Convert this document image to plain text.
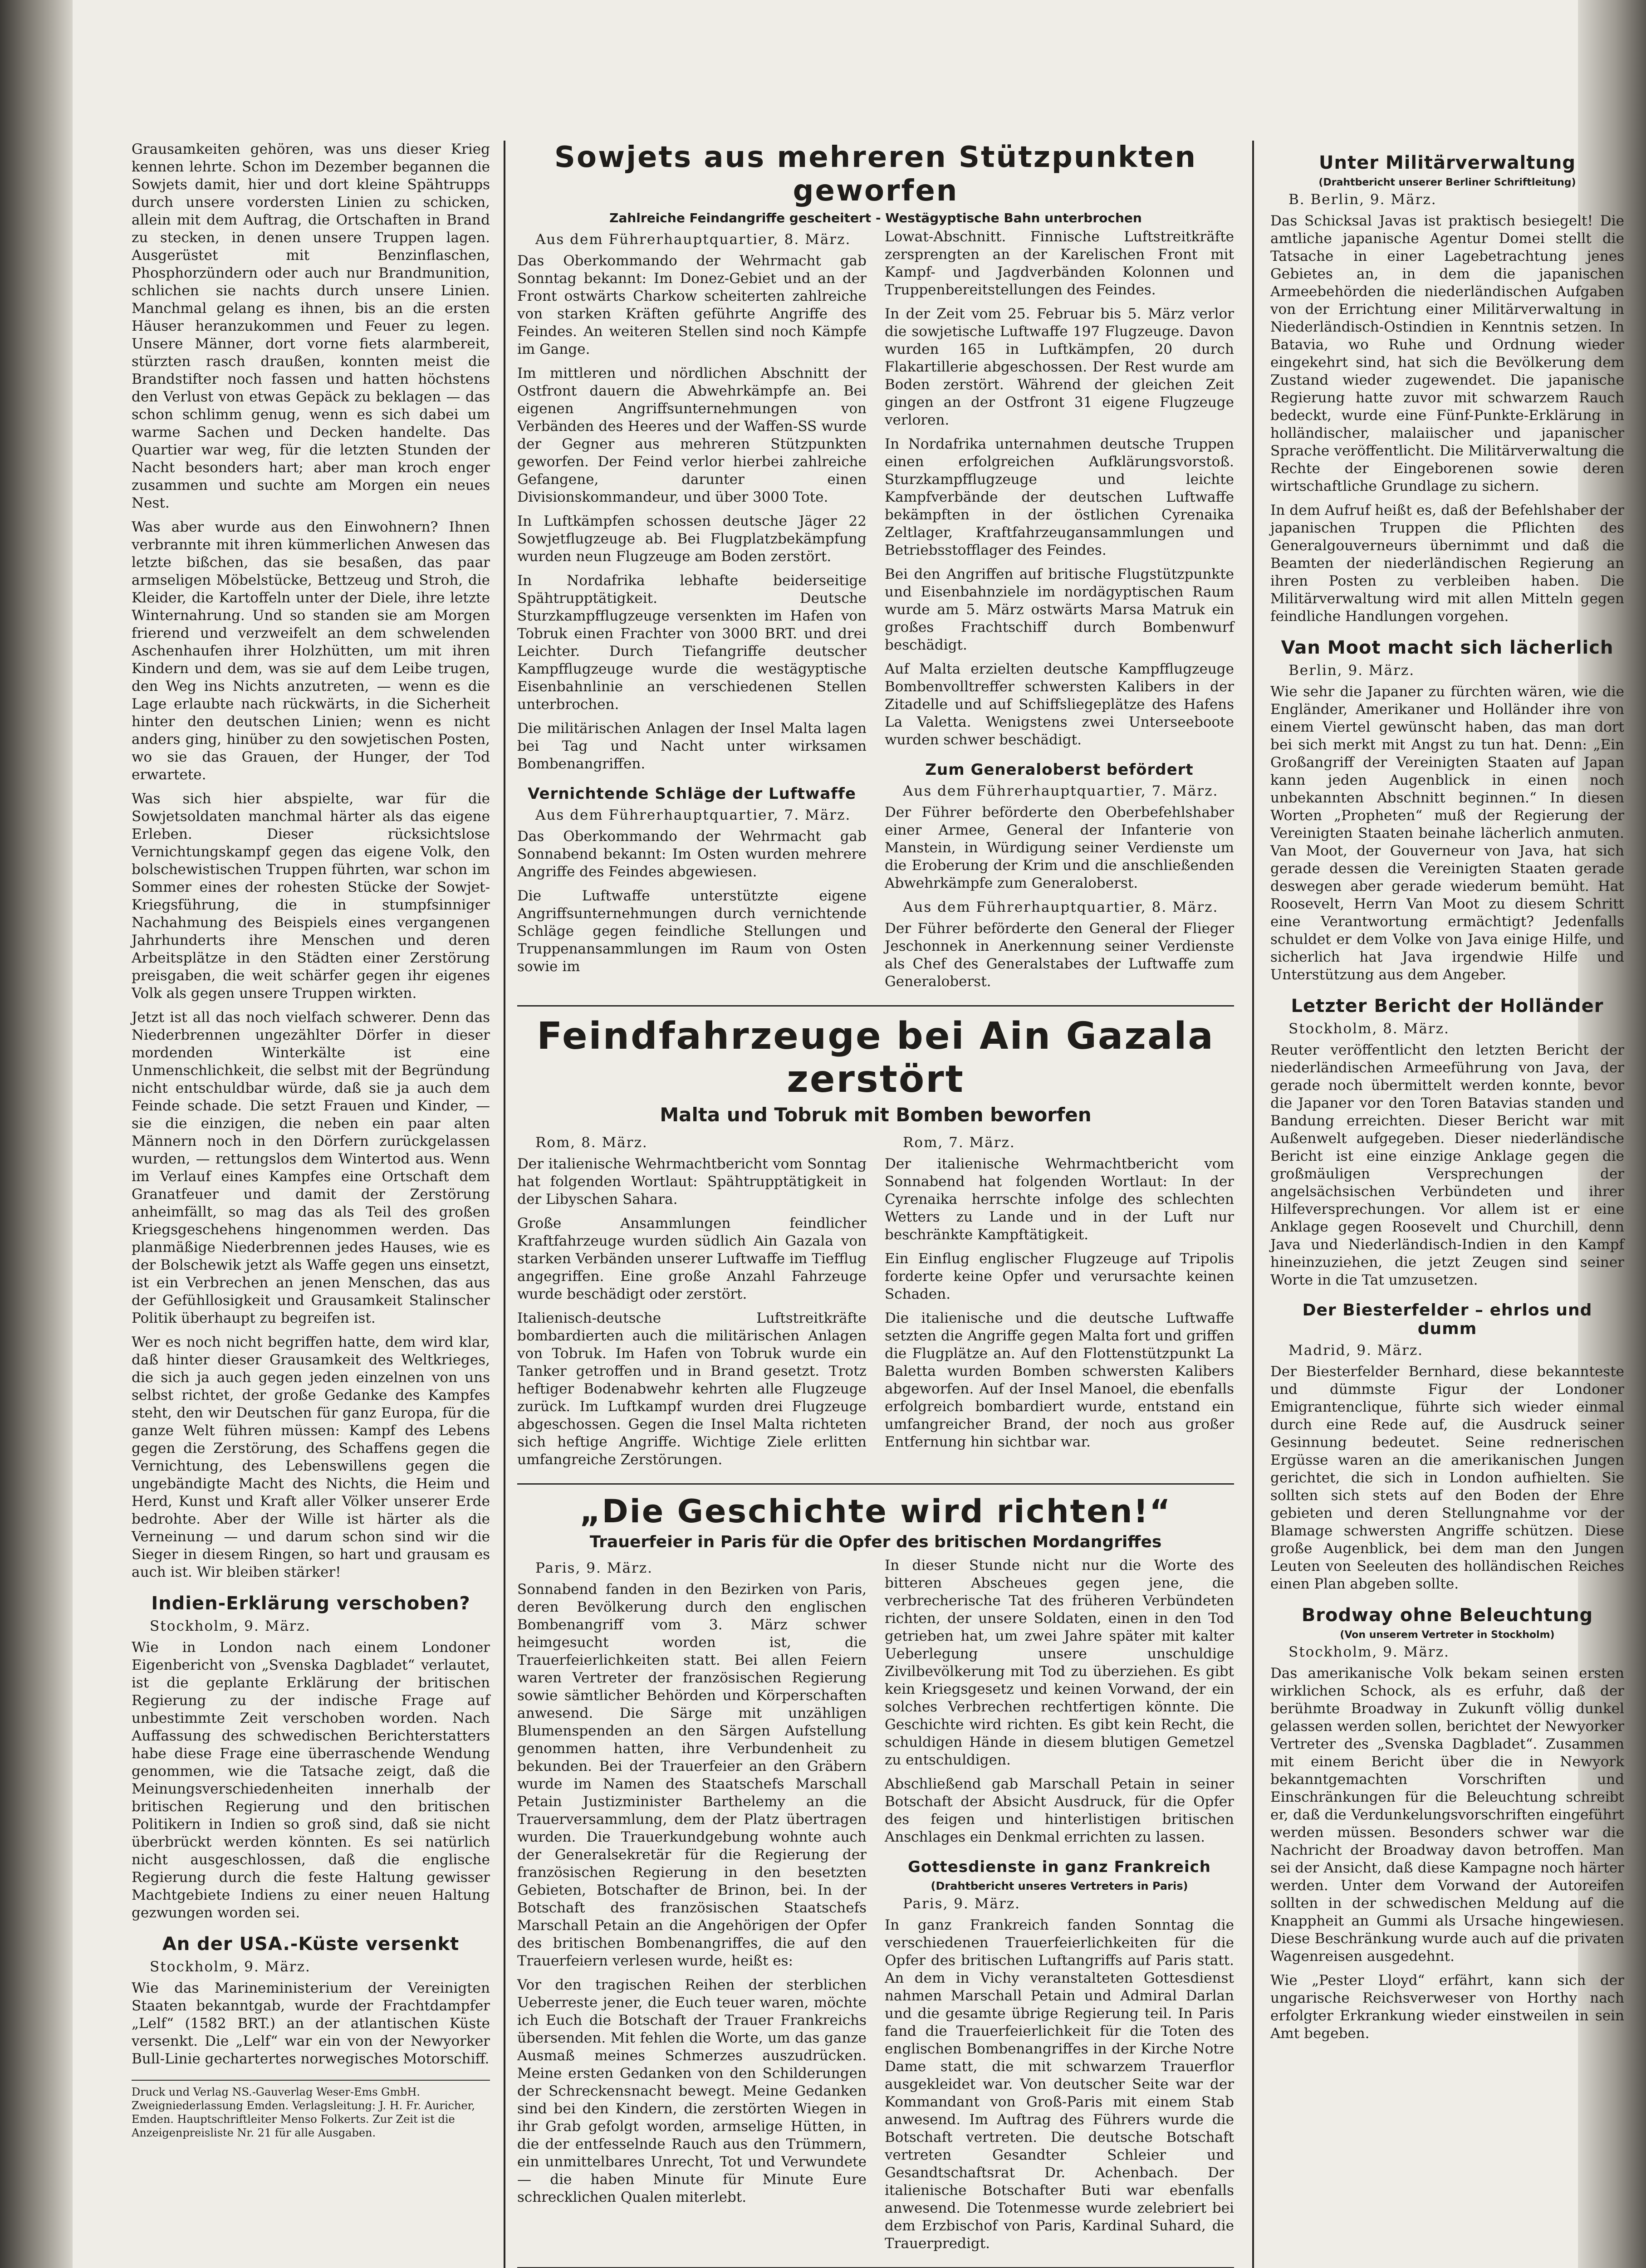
Grausamkeiten gehören, was uns dieser Krieg kennen lehrte. Schon im Dezember begannen die Sowjets damit, hier und dort kleine Spähtrupps durch unsere vordersten Linien zu schicken, allein mit dem Auftrag, die Ortschaften in Brand zu stecken, in denen unsere Truppen lagen. Ausgerüstet mit Benzinflaschen, Phosphorzündern oder auch nur Brandmunition, schlichen sie nachts durch unsere Linien. Manchmal gelang es ihnen, bis an die ersten Häuser heranzukommen und Feuer zu legen. Unsere Männer, dort vorne fiets alarmbereit, stürzten rasch draußen, konnten meist die Brandstifter noch fassen und hatten höchstens den Verlust von etwas Gepäck zu beklagen — das schon schlimm genug, wenn es sich dabei um warme Sachen und Decken handelte. Das Quartier war weg, für die letzten Stunden der Nacht besonders hart; aber man kroch enger zusammen und suchte am Morgen ein neues Nest.

Was aber wurde aus den Einwohnern? Ihnen verbrannte mit ihren kümmerlichen Anwesen das letzte bißchen, das sie besaßen, das paar armseligen Möbelstücke, Bettzeug und Stroh, die Kleider, die Kartoffeln unter der Diele, ihre letzte Winternahrung. Und so standen sie am Morgen frierend und verzweifelt an dem schwelenden Aschenhaufen ihrer Holzhütten, um mit ihren Kindern und dem, was sie auf dem Leibe trugen, den Weg ins Nichts anzutreten, — wenn es die Lage erlaubte nach rückwärts, in die Sicherheit hinter den deutschen Linien; wenn es nicht anders ging, hinüber zu den sowjetischen Posten, wo sie das Grauen, der Hunger, der Tod erwartete.

Was sich hier abspielte, war für die Sowjetsoldaten manchmal härter als das eigene Erleben. Dieser rücksichtslose Vernichtungskampf gegen das eigene Volk, den bolschewistischen Truppen führten, war schon im Sommer eines der rohesten Stücke der Sowjet-Kriegsführung, die in stumpfsinniger Nachahmung des Beispiels eines vergangenen Jahrhunderts ihre Menschen und deren Arbeitsplätze in den Städten einer Zerstörung preisgaben, die weit schärfer gegen ihr eigenes Volk als gegen unsere Truppen wirkten.

Jetzt ist all das noch vielfach schwerer. Denn das Niederbrennen ungezählter Dörfer in dieser mordenden Winterkälte ist eine Unmenschlichkeit, die selbst mit der Begründung nicht entschuldbar würde, daß sie ja auch dem Feinde schade. Die setzt Frauen und Kinder, — sie die einzigen, die neben ein paar alten Männern noch in den Dörfern zurückgelassen wurden, — rettungslos dem Wintertod aus. Wenn im Verlauf eines Kampfes eine Ortschaft dem Granatfeuer und damit der Zerstörung anheimfällt, so mag das als Teil des großen Kriegsgeschehens hingenommen werden. Das planmäßige Niederbrennen jedes Hauses, wie es der Bolschewik jetzt als Waffe gegen uns einsetzt, ist ein Verbrechen an jenen Menschen, das aus der Gefühllosigkeit und Grausamkeit Stalinscher Politik überhaupt zu begreifen ist.

Wer es noch nicht begriffen hatte, dem wird klar, daß hinter dieser Grausamkeit des Weltkrieges, die sich ja auch gegen jeden einzelnen von uns selbst richtet, der große Gedanke des Kampfes steht, den wir Deutschen für ganz Europa, für die ganze Welt führen müssen: Kampf des Lebens gegen die Zerstörung, des Schaffens gegen die Vernichtung, des Lebenswillens gegen die ungebändigte Macht des Nichts, die Heim und Herd, Kunst und Kraft aller Völker unserer Erde bedrohte. Aber der Wille ist härter als die Verneinung — und darum schon sind wir die Sieger in diesem Ringen, so hart und grausam es auch ist. Wir bleiben stärker!

Indien-Erklärung verschoben?
Stockholm, 9. März.

Wie in London nach einem Londoner Eigenbericht von „Svenska Dagbladet“ verlautet, ist die geplante Erklärung der britischen Regierung zu der indische Frage auf unbestimmte Zeit verschoben worden. Nach Auffassung des schwedischen Berichterstatters habe diese Frage eine überraschende Wendung genommen, wie die Tatsache zeigt, daß die Meinungsverschiedenheiten innerhalb der britischen Regierung und den britischen Politikern in Indien so groß sind, daß sie nicht überbrückt werden könnten. Es sei natürlich nicht ausgeschlossen, daß die englische Regierung durch die feste Haltung gewisser Machtgebiete Indiens zu einer neuen Haltung gezwungen worden sei.

An der USA.-Küste versenkt
Stockholm, 9. März.

Wie das Marineministerium der Vereinigten Staaten bekanntgab, wurde der Frachtdampfer „Lelf“ (1582 BRT.) an der atlantischen Küste versenkt. Die „Lelf“ war ein von der Newyorker Bull-Linie gechartertes norwegisches Motorschiff.

Druck und Verlag NS.-Gauverlag Weser-Ems GmbH. Zweigniederlassung Emden. Verlagsleitung: J. H. Fr. Auricher, Emden. Hauptschriftleiter Menso Folkerts. Zur Zeit ist die Anzeigenpreisliste Nr. 21 für alle Ausgaben.
Sowjets aus mehreren Stützpunkten geworfen
Zahlreiche Feindangriffe gescheitert - Westägyptische Bahn unterbrochen
Aus dem Führerhauptquartier, 8. März.

Das Oberkommando der Wehrmacht gab Sonntag bekannt: Im Donez-Gebiet und an der Front ostwärts Charkow scheiterten zahlreiche von starken Kräften geführte Angriffe des Feindes. An weiteren Stellen sind noch Kämpfe im Gange.

Im mittleren und nördlichen Abschnitt der Ostfront dauern die Abwehrkämpfe an. Bei eigenen Angriffsunternehmungen von Verbänden des Heeres und der Waffen-SS wurde der Gegner aus mehreren Stützpunkten geworfen. Der Feind verlor hierbei zahlreiche Gefangene, darunter einen Divisionskommandeur, und über 3000 Tote.

In Luftkämpfen schossen deutsche Jäger 22 Sowjetflugzeuge ab. Bei Flugplatzbekämpfung wurden neun Flugzeuge am Boden zerstört.

In Nordafrika lebhafte beiderseitige Spähtrupptätigkeit. Deutsche Sturzkampfflugzeuge versenkten im Hafen von Tobruk einen Frachter von 3000 BRT. und drei Leichter. Durch Tiefangriffe deutscher Kampfflugzeuge wurde die westägyptische Eisenbahnlinie an verschiedenen Stellen unterbrochen.

Die militärischen Anlagen der Insel Malta lagen bei Tag und Nacht unter wirksamen Bombenangriffen.

Vernichtende Schläge der Luftwaffe
Aus dem Führerhauptquartier, 7. März.

Das Oberkommando der Wehrmacht gab Sonnabend bekannt: Im Osten wurden mehrere Angriffe des Feindes abgewiesen.

Die Luftwaffe unterstützte eigene Angriffsunternehmungen durch vernichtende Schläge gegen feindliche Stellungen und Truppenansammlungen im Raum von Osten sowie im

Lowat-Abschnitt. Finnische Luftstreitkräfte zersprengten an der Karelischen Front mit Kampf- und Jagdverbänden Kolonnen und Truppenbereitstellungen des Feindes.

In der Zeit vom 25. Februar bis 5. März verlor die sowjetische Luftwaffe 197 Flugzeuge. Davon wurden 165 in Luftkämpfen, 20 durch Flakartillerie abgeschossen. Der Rest wurde am Boden zerstört. Während der gleichen Zeit gingen an der Ostfront 31 eigene Flugzeuge verloren.

In Nordafrika unternahmen deutsche Truppen einen erfolgreichen Aufklärungsvorstoß. Sturzkampfflugzeuge und leichte Kampfverbände der deutschen Luftwaffe bekämpften in der östlichen Cyrenaika Zeltlager, Kraftfahrzeugansammlungen und Betriebsstofflager des Feindes.

Bei den Angriffen auf britische Flugstützpunkte und Eisenbahnziele im nordägyptischen Raum wurde am 5. März ostwärts Marsa Matruk ein großes Frachtschiff durch Bombenwurf beschädigt.

Auf Malta erzielten deutsche Kampfflugzeuge Bombenvolltreffer schwersten Kalibers in der Zitadelle und auf Schiffsliegeplätze des Hafens La Valetta. Wenigstens zwei Unterseeboote wurden schwer beschädigt.

Zum Generaloberst befördert
Aus dem Führerhauptquartier, 7. März.

Der Führer beförderte den Oberbefehlshaber einer Armee, General der Infanterie von Manstein, in Würdigung seiner Verdienste um die Eroberung der Krim und die anschließenden Abwehrkämpfe zum Generaloberst.

Aus dem Führerhauptquartier, 8. März.

Der Führer beförderte den General der Flieger Jeschonnek in Anerkennung seiner Verdienste als Chef des Generalstabes der Luftwaffe zum Generaloberst.

Feindfahrzeuge bei Ain Gazala zerstört
Malta und Tobruk mit Bomben beworfen
Rom, 8. März.

Der italienische Wehrmachtbericht vom Sonntag hat folgenden Wortlaut: Spähtrupptätigkeit in der Libyschen Sahara.

Große Ansammlungen feindlicher Kraftfahrzeuge wurden südlich Ain Gazala von starken Verbänden unserer Luftwaffe im Tiefflug angegriffen. Eine große Anzahl Fahrzeuge wurde beschädigt oder zerstört.

Italienisch-deutsche Luftstreitkräfte bombardierten auch die militärischen Anlagen von Tobruk. Im Hafen von Tobruk wurde ein Tanker getroffen und in Brand gesetzt. Trotz heftiger Bodenabwehr kehrten alle Flugzeuge zurück. Im Luftkampf wurden drei Flugzeuge abgeschossen. Gegen die Insel Malta richteten sich heftige Angriffe. Wichtige Ziele erlitten umfangreiche Zerstörungen.

Rom, 7. März.

Der italienische Wehrmachtbericht vom Sonnabend hat folgenden Wortlaut: In der Cyrenaika herrschte infolge des schlechten Wetters zu Lande und in der Luft nur beschränkte Kampftätigkeit.

Ein Einflug englischer Flugzeuge auf Tripolis forderte keine Opfer und verursachte keinen Schaden.

Die italienische und die deutsche Luftwaffe setzten die Angriffe gegen Malta fort und griffen die Flugplätze an. Auf den Flottenstützpunkt La Baletta wurden Bomben schwersten Kalibers abgeworfen. Auf der Insel Manoel, die ebenfalls erfolgreich bombardiert wurde, entstand ein umfangreicher Brand, der noch aus großer Entfernung hin sichtbar war.

„Die Geschichte wird richten!“
Trauerfeier in Paris für die Opfer des britischen Mordangriffes
Paris, 9. März.

Sonnabend fanden in den Bezirken von Paris, deren Bevölkerung durch den englischen Bombenangriff vom 3. März schwer heimgesucht worden ist, die Trauerfeierlichkeiten statt. Bei allen Feiern waren Vertreter der französischen Regierung sowie sämtlicher Behörden und Körperschaften anwesend. Die Särge mit unzähligen Blumenspenden an den Särgen Aufstellung genommen hatten, ihre Verbundenheit zu bekunden. Bei der Trauerfeier an den Gräbern wurde im Namen des Staatschefs Marschall Petain Justizminister Barthelemy an die Trauerversammlung, dem der Platz übertragen wurden. Die Trauerkundgebung wohnte auch der Generalsekretär für die Regierung der französischen Regierung in den besetzten Gebieten, Botschafter de Brinon, bei. In der Botschaft des französischen Staatschefs Marschall Petain an die Angehörigen der Opfer des britischen Bombenangriffes, die auf den Trauerfeiern verlesen wurde, heißt es:

Vor den tragischen Reihen der sterblichen Ueberreste jener, die Euch teuer waren, möchte ich Euch die Botschaft der Trauer Frankreichs übersenden. Mit fehlen die Worte, um das ganze Ausmaß meines Schmerzes auszudrücken. Meine ersten Gedanken von den Schilderungen der Schreckensnacht bewegt. Meine Gedanken sind bei den Kindern, die zerstörten Wiegen in ihr Grab gefolgt worden, armselige Hütten, in die der entfesselnde Rauch aus den Trümmern, ein unmittelbares Unrecht, Tot und Verwundete — die haben Minute für Minute Eure schrecklichen Qualen miterlebt.

In dieser Stunde nicht nur die Worte des bitteren Abscheues gegen jene, die verbrecherische Tat des früheren Verbündeten richten, der unsere Soldaten, einen in den Tod getrieben hat, um zwei Jahre später mit kalter Ueberlegung unsere unschuldige Zivilbevölkerung mit Tod zu überziehen. Es gibt kein Kriegsgesetz und keinen Vorwand, der ein solches Verbrechen rechtfertigen könnte. Die Geschichte wird richten. Es gibt kein Recht, die schuldigen Hände in diesem blutigen Gemetzel zu entschuldigen.

Abschließend gab Marschall Petain in seiner Botschaft der Absicht Ausdruck, für die Opfer des feigen und hinterlistigen britischen Anschlages ein Denkmal errichten zu lassen.

Gottesdienste in ganz Frankreich
(Drahtbericht unseres Vertreters in Paris)
Paris, 9. März.

In ganz Frankreich fanden Sonntag die verschiedenen Trauerfeierlichkeiten für die Opfer des britischen Luftangriffs auf Paris statt. An dem in Vichy veranstalteten Gottesdienst nahmen Marschall Petain und Admiral Darlan und die gesamte übrige Regierung teil. In Paris fand die Trauerfeierlichkeit für die Toten des englischen Bombenangriffes in der Kirche Notre Dame statt, die mit schwarzem Trauerflor ausgekleidet war. Von deutscher Seite war der Kommandant von Groß-Paris mit einem Stab anwesend. Im Auftrag des Führers wurde die Botschaft vertreten. Die deutsche Botschaft vertreten Gesandter Schleier und Gesandtschaftsrat Dr. Achenbach. Der italienische Botschafter Buti war ebenfalls anwesend. Die Totenmesse wurde zelebriert bei dem Erzbischof von Paris, Kardinal Suhard, die Trauerpredigt.

Unter Militärverwaltung
(Drahtbericht unserer Berliner Schriftleitung)
B. Berlin, 9. März.

Das Schicksal Javas ist praktisch besiegelt! Die amtliche japanische Agentur Domei stellt die Tatsache in einer Lagebetrachtung jenes Gebietes an, in dem die japanischen Armeebehörden die niederländischen Aufgaben von der Errichtung einer Militärverwaltung in Niederländisch-Ostindien in Kenntnis setzen. In Batavia, wo Ruhe und Ordnung wieder eingekehrt sind, hat sich die Bevölkerung dem Zustand wieder zugewendet. Die japanische Regierung hatte zuvor mit schwarzem Rauch bedeckt, wurde eine Fünf-Punkte-Erklärung in holländischer, malaiischer und japanischer Sprache veröffentlicht. Die Militärverwaltung die Rechte der Eingeborenen sowie deren wirtschaftliche Grundlage zu sichern.

In dem Aufruf heißt es, daß der Befehlshaber der japanischen Truppen die Pflichten des Generalgouverneurs übernimmt und daß die Beamten der niederländischen Regierung an ihren Posten zu verbleiben haben. Die Militärverwaltung wird mit allen Mitteln gegen feindliche Handlungen vorgehen.

Van Moot macht sich lächerlich
Berlin, 9. März.

Wie sehr die Japaner zu fürchten wären, wie die Engländer, Amerikaner und Holländer ihre von einem Viertel gewünscht haben, das man dort bei sich merkt mit Angst zu tun hat. Denn: „Ein Großangriff der Vereinigten Staaten auf Japan kann jeden Augenblick in einen noch unbekannten Abschnitt beginnen.“ In diesen Worten „Propheten“ muß der Regierung der Vereinigten Staaten beinahe lächerlich anmuten. Van Moot, der Gouverneur von Java, hat sich gerade dessen die Vereinigten Staaten gerade deswegen aber gerade wiederum bemüht. Hat Roosevelt, Herrn Van Moot zu diesem Schritt eine Verantwortung ermächtigt? Jedenfalls schuldet er dem Volke von Java einige Hilfe, und sicherlich hat Java irgendwie Hilfe und Unterstützung aus dem Angeber.

Letzter Bericht der Holländer
Stockholm, 8. März.

Reuter veröffentlicht den letzten Bericht der niederländischen Armeeführung von Java, der gerade noch übermittelt werden konnte, bevor die Japaner vor den Toren Batavias standen und Bandung erreichten. Dieser Bericht war mit Außenwelt aufgegeben. Dieser niederländische Bericht ist eine einzige Anklage gegen die großmäuligen Versprechungen der angelsächsischen Verbündeten und ihrer Hilfeversprechungen. Vor allem ist er eine Anklage gegen Roosevelt und Churchill, denn Java und Niederländisch-Indien in den Kampf hineinzuziehen, die jetzt Zeugen sind seiner Worte in die Tat umzusetzen.

Der Biesterfelder – ehrlos und dumm
Madrid, 9. März.

Der Biesterfelder Bernhard, diese bekannteste und dümmste Figur der Londoner Emigrantenclique, führte sich wieder einmal durch eine Rede auf, die Ausdruck seiner Gesinnung bedeutet. Seine rednerischen Ergüsse waren an die amerikanischen Jungen gerichtet, die sich in London aufhielten. Sie sollten sich stets auf den Boden der Ehre gebieten und deren Stellungnahme vor der Blamage schwersten Angriffe schützen. Diese große Augenblick, bei dem man den Jungen Leuten von Seeleuten des holländischen Reiches einen Plan abgeben sollte.

Brodway ohne Beleuchtung
(Von unserem Vertreter in Stockholm)
Stockholm, 9. März.

Das amerikanische Volk bekam seinen ersten wirklichen Schock, als es erfuhr, daß der berühmte Broadway in Zukunft völlig dunkel gelassen werden sollen, berichtet der Newyorker Vertreter des „Svenska Dagbladet“. Zusammen mit einem Bericht über die in Newyork bekanntgemachten Vorschriften und Einschränkungen für die Beleuchtung schreibt er, daß die Verdunkelungsvorschriften eingeführt werden müssen. Besonders schwer war die Nachricht der Broadway davon betroffen. Man sei der Ansicht, daß diese Kampagne noch härter werden. Unter dem Vorwand der Autoreifen sollten in der schwedischen Meldung auf die Knappheit an Gummi als Ursache hingewiesen. Diese Beschränkung wurde auch auf die privaten Wagenreisen ausgedehnt.

Wie „Pester Lloyd“ erfährt, kann sich der ungarische Reichsverweser von Horthy nach erfolgter Erkrankung wieder einstweilen in sein Amt begeben.
